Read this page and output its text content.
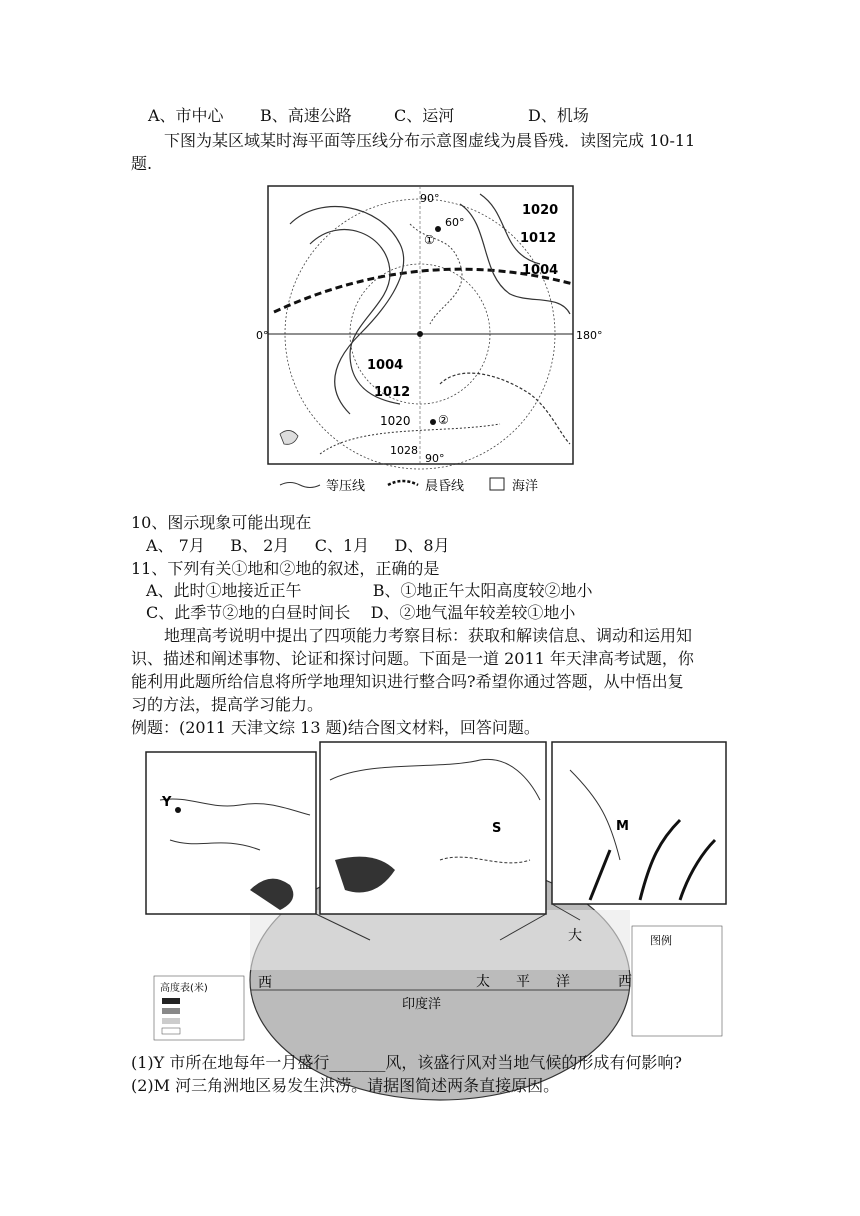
A、市中心 B、高速公路	C、运河	D、机场
下图为某区域某时海平面等压线分布示意图虚线为晨昏残．读图完成 10-11
题.
90°
60°
①
1020
1012
1004
0°	180°
1004
1012
1020 ②
1028
90°
等压线	晨昏线	海洋
10、图示现象可能出现在
A、 7月     B、 2月     C、1月     D、8月
11、下列有关①地和②地的叙述，正确的是
A、此时①地接近正午              B、①地正午太阳高度较②地小
C、此季节②地的白昼时间长    D、②地气温年较差较①地小
地理高考说明中提出了四项能力考察目标：获取和解读信息、调动和运用知
识、描述和阐述事物、论证和探讨问题。下面是一道 2011 年天津高考试题，你
能利用此题所给信息将所学地理知识进行整合吗?希望你通过答题，从中悟出复
习的方法，提高学习能力。
例题：(2011 天津文综 13 题)结合图文材料，回答问题。
Y
S	M
大
西	西
太 平 洋
印度洋
高度表(米)
图例
(1)Y 市所在地每年一月盛行_______风，该盛行风对当地气候的形成有何影响?
(2)M 河三角洲地区易发生洪涝。请据图简述两条直接原因。
